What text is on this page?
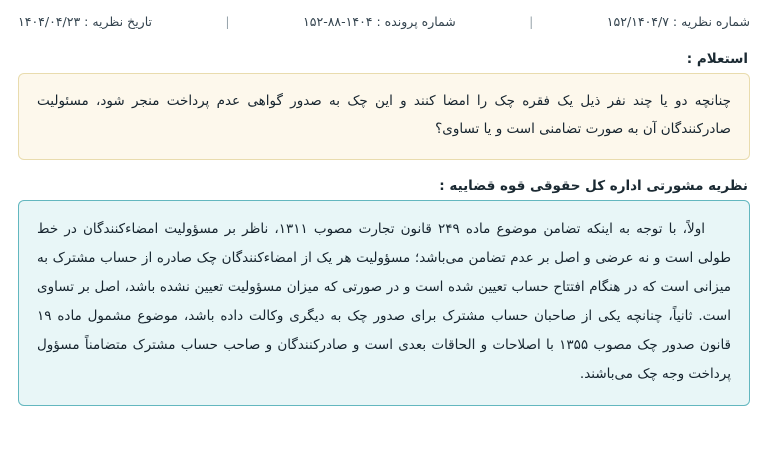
شماره نظریه : ۱۵۲/۱۴۰۴/۷
|
شماره پرونده : ۱۴۰۴-۸۸-۱۵۲
|
تاریخ نظریه : ۱۴۰۴/۰۴/۲۳
استعلام :

چنانچه دو یا چند نفر ذیل یک فقره چک را امضا کنند و این چک به صدور گواهی عدم پرداخت منجر شود، مسئولیت صادرکنندگان آن به صورت تضامنی است و یا تساوی؟

نظریه مشورتی اداره کل حقوقی قوه قضاییه :

اولاً، با توجه به اینکه تضامن موضوع ماده ۲۴۹ قانون تجارت مصوب ۱۳۱۱، ناظر بر مسؤولیت امضاءکنندگان در خط طولی است و نه عرضی و اصل بر عدم تضامن می‌باشد؛ مسؤولیت هر یک از امضاءکنندگان چک صادره از حساب مشترک به میزانی است که در هنگام افتتاح حساب تعیین شده است و در صورتی که میزان مسؤولیت تعیین نشده باشد، اصل بر تساوی است. ثانیاً، چنانچه یکی از صاحبان حساب مشترک برای صدور چک به دیگری وکالت داده باشد، موضوع مشمول ماده ۱۹ قانون صدور چک مصوب ۱۳۵۵ با اصلاحات و الحاقات بعدی است و صادرکنندگان و صاحب حساب مشترک متضامناً مسؤول پرداخت وجه چک می‌باشند.
